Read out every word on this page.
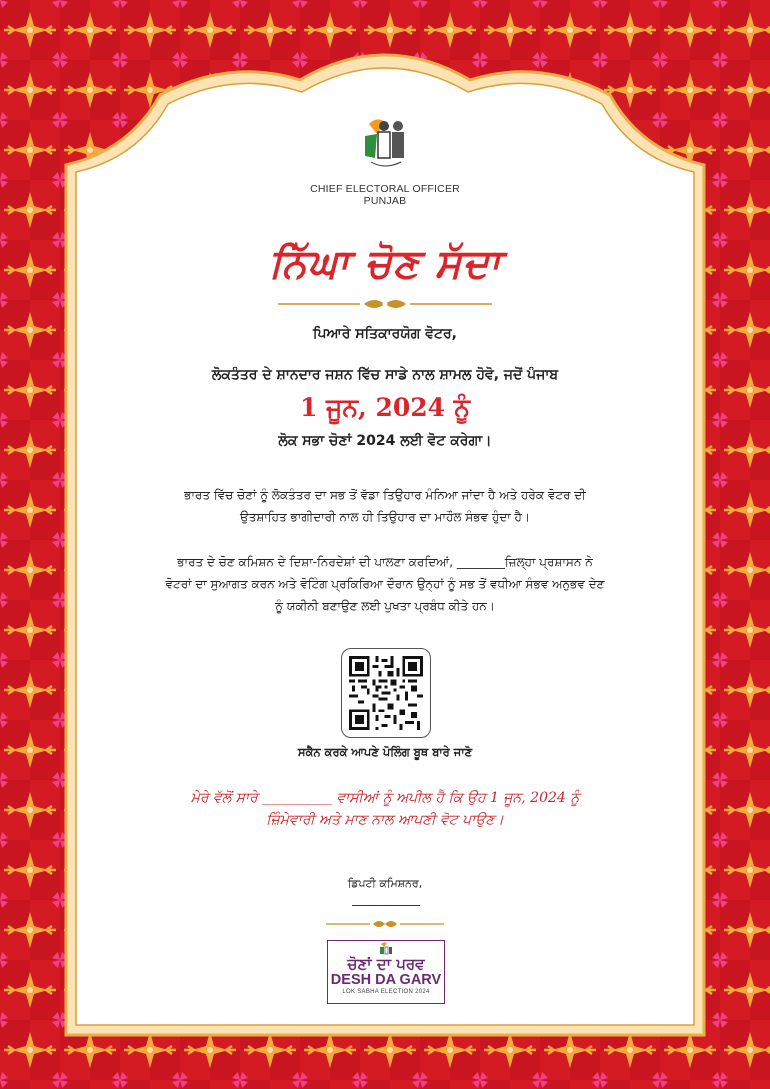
CHIEF ELECTORAL OFFICER
PUNJAB
ਨਿੱਘਾ ਚੋਣ ਸੱਦਾ
ਪਿਆਰੇ ਸਤਿਕਾਰਯੋਗ ਵੋਟਰ,
ਲੋਕਤੰਤਰ ਦੇ ਸ਼ਾਨਦਾਰ ਜਸ਼ਨ ਵਿੱਚ ਸਾਡੇ ਨਾਲ ਸ਼ਾਮਲ ਹੋਵੋ, ਜਦੋਂ ਪੰਜਾਬ
1 ਜੂਨ, 2024 ਨੂੰ
ਲੋਕ ਸਭਾ ਚੋਣਾਂ 2024 ਲਈ ਵੋਟ ਕਰੇਗਾ।
ਭਾਰਤ ਵਿੱਚ ਚੋਣਾਂ ਨੂੰ ਲੋਕਤੰਤਰ ਦਾ ਸਭ ਤੋਂ ਵੱਡਾ ਤਿਉਹਾਰ ਮੰਨਿਆ ਜਾਂਦਾ ਹੈ ਅਤੇ ਹਰੇਕ ਵੋਟਰ ਦੀ
ਉਤਸ਼ਾਹਿਤ ਭਾਗੀਦਾਰੀ ਨਾਲ ਹੀ ਤਿਉਹਾਰ ਦਾ ਮਾਹੌਲ ਸੰਭਵ ਹੁੰਦਾ ਹੈ।
ਭਾਰਤ ਦੇ ਚੋਣ ਕਮਿਸ਼ਨ ਦੇ ਦਿਸ਼ਾ-ਨਿਰਦੇਸ਼ਾਂ ਦੀ ਪਾਲਣਾ ਕਰਦਿਆਂ, ________ਜ਼ਿਲ੍ਹਾ ਪ੍ਰਸ਼ਾਸਨ ਨੇ
ਵੋਟਰਾਂ ਦਾ ਸੁਆਗਤ ਕਰਨ ਅਤੇ ਵੋਟਿੰਗ ਪ੍ਰਕਿਰਿਆ ਦੌਰਾਨ ਉਨ੍ਹਾਂ ਨੂੰ ਸਭ ਤੋਂ ਵਧੀਆ ਸੰਭਵ ਅਨੁਭਵ ਦੇਣ
ਨੂੰ ਯਕੀਨੀ ਬਣਾਉਣ ਲਈ ਪੁਖਤਾ ਪ੍ਰਬੰਧ ਕੀਤੇ ਹਨ।
ਸਕੈਨ ਕਰਕੇ ਆਪਣੇ ਪੋਲਿੰਗ ਬੂਥ ਬਾਰੇ ਜਾਣੋ
ਮੇਰੇ ਵੱਲੋਂ ਸਾਰੇ __________ ਵਾਸੀਆਂ ਨੂੰ ਅਪੀਲ ਹੈ ਕਿ ਉਹ 1 ਜੂਨ, 2024 ਨੂੰ
ਜ਼ਿੰਮੇਵਾਰੀ ਅਤੇ ਮਾਣ ਨਾਲ ਆਪਣੀ ਵੋਟ ਪਾਉਣ।
ਡਿਪਟੀ ਕਮਿਸ਼ਨਰ,
ਚੋਣਾਂ ਦਾ ਪਰਵ
DESH DA GARV
LOK SABHA ELECTION 2024
